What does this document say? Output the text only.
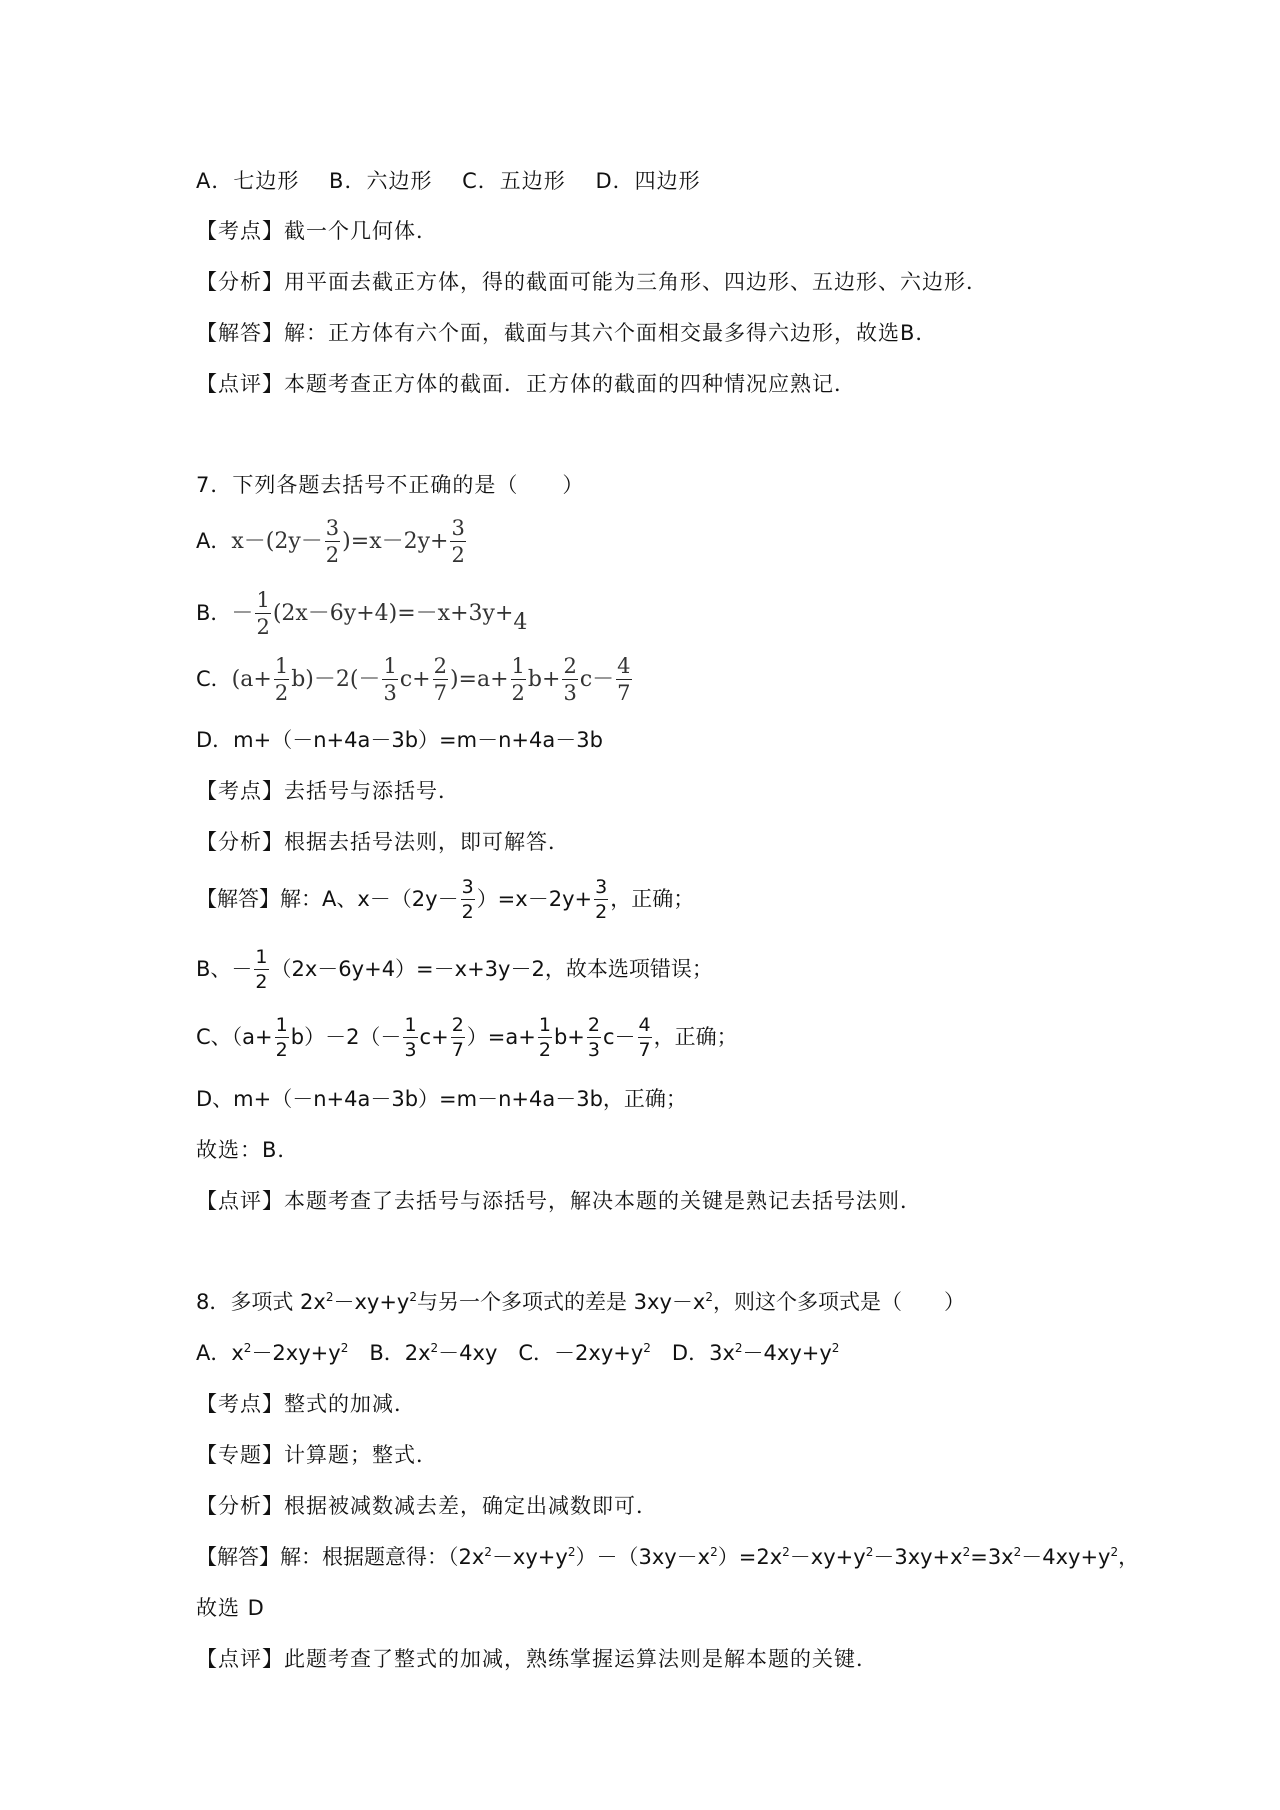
A．七边形　 B．六边形　 C．五边形　 D．四边形
【考点】截一个几何体．
【分析】用平面去截正方体，得的截面可能为三角形、四边形、五边形、六边形．
【解答】解：正方体有六个面，截面与其六个面相交最多得六边形，故选B．
【点评】本题考查正方体的截面．正方体的截面的四种情况应熟记．
7．下列各题去括号不正确的是（　　）
A．$x-(2y- \frac{3}{2} )=x-2y+ \frac{3}{2}$
B．－ $\frac{1}{2} (2x-6y+4)=-x+3y+4$
C．$(a+ \frac{1}{2} b)-2(- \frac{1}{3} c+ \frac{2}{7} )=a+ \frac{1}{2} b+ \frac{2}{3} c- \frac{4}{7}$
D．m+（－n+4a－3b）=m－n+4a－3b
【考点】去括号与添括号．
【分析】根据去括号法则，即可解答．
【解答】解：A、$x-(2y- \frac{3}{2} )=x-2y+ \frac{3}{2}$ ，正确；
B、－ $\frac{1}{2} (2x-6y+4)=-x+3y-2$，故本选项错误；
C、$(a+ \frac{1}{2} b)-2(- \frac{1}{3} c+ \frac{2}{7} )=a+ \frac{1}{2} b+ \frac{2}{3} c- \frac{4}{7}$ ，正确；
D、m+（－n+4a－3b）=m－n+4a－3b，正确；
故选：B．
【点评】本题考查了去括号与添括号，解决本题的关键是熟记去括号法则．
8．多项式 $2x^2-xy+y^2$与另一个多项式的差是 $3xy-x^2$，则这个多项式是（　　）
A．$x^2-2xy+y^2$　B．$2x^2-4xy$　C．$-2xy+y^2$　D．$3x^2-4xy+y^2$
【考点】整式的加减．
【专题】计算题；整式．
【分析】根据被减数减去差，确定出减数即可．
【解答】解：根据题意得：$(2x^2-xy+y^2)-(3xy-x^2)=2x^2-xy+y^2-3xy+x^2=3x^2-4xy+y^2$，
故选 D
【点评】此题考查了整式的加减，熟练掌握运算法则是解本题的关键．
